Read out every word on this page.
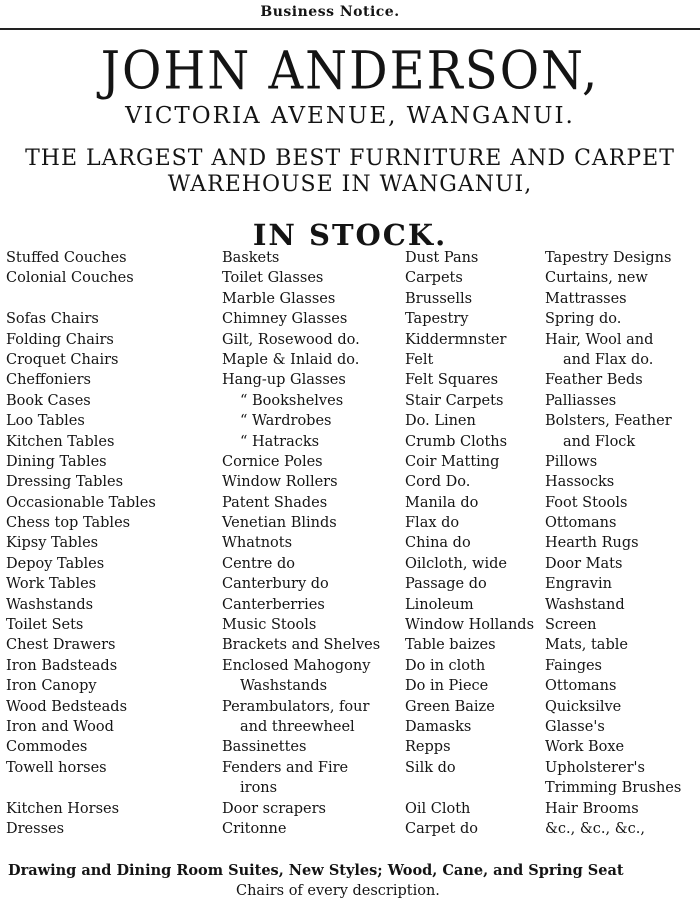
Business Notice.
JOHN ANDERSON,
VICTORIA AVENUE, WANGANUI.
THE LARGEST AND BEST FURNITURE AND CARPET
WAREHOUSE IN WANGANUI,
IN STOCK.
Stuffed Couches
Colonial Couches
Sofas Chairs
Folding Chairs
Croquet Chairs
Cheffoniers
Book Cases
Loo Tables
Kitchen Tables
Dining Tables
Dressing Tables
Occasionable Tables
Chess top Tables
Kipsy Tables
Depoy Tables
Work Tables
Washstands
Toilet Sets
Chest Drawers
Iron Badsteads
Iron Canopy
Wood Bedsteads
Iron and Wood
Commodes
Towell horses
Kitchen Horses
Dresses
Baskets
Toilet Glasses
Marble Glasses
Chimney Glasses
Gilt, Rosewood do.
Maple & Inlaid do.
Hang-up Glasses
“ Bookshelves
“ Wardrobes
“ Hatracks
Cornice Poles
Window Rollers
Patent Shades
Venetian Blinds
Whatnots
Centre do
Canterbury do
Canterberries
Music Stools
Brackets and Shelves
Enclosed Mahogony
Washstands
Perambulators, four
and threewheel
Bassinettes
Fenders and Fire
irons
Door scrapers
Critonne
Dust Pans
Carpets
Brussells
Tapestry
Kiddermnster
Felt
Felt Squares
Stair Carpets
Do. Linen
Crumb Cloths
Coir Matting
Cord Do.
Manila do
Flax do
China do
Oilcloth, wide
Passage do
Linoleum
Window Hollands
Table baizes
Do in cloth
Do in Piece
Green Baize
Damasks
Repps
Silk do
Oil Cloth
Carpet do
Tapestry Designs
Curtains, new
Mattrasses
Spring do.
Hair, Wool and
and Flax do.
Feather Beds
Palliasses
Bolsters, Feather
and Flock
Pillows
Hassocks
Foot Stools
Ottomans
Hearth Rugs
Door Mats
Engravin
Washstand
Screen
Mats, table
Fainges
Ottomans
Quicksilve
Glasse's
Work Boxe
Upholsterer's
Trimming Brushes
Hair Brooms
&c., &c., &c.,
Drawing and Dining Room Suites, New Styles; Wood, Cane, and Spring Seat
Chairs of every description.
